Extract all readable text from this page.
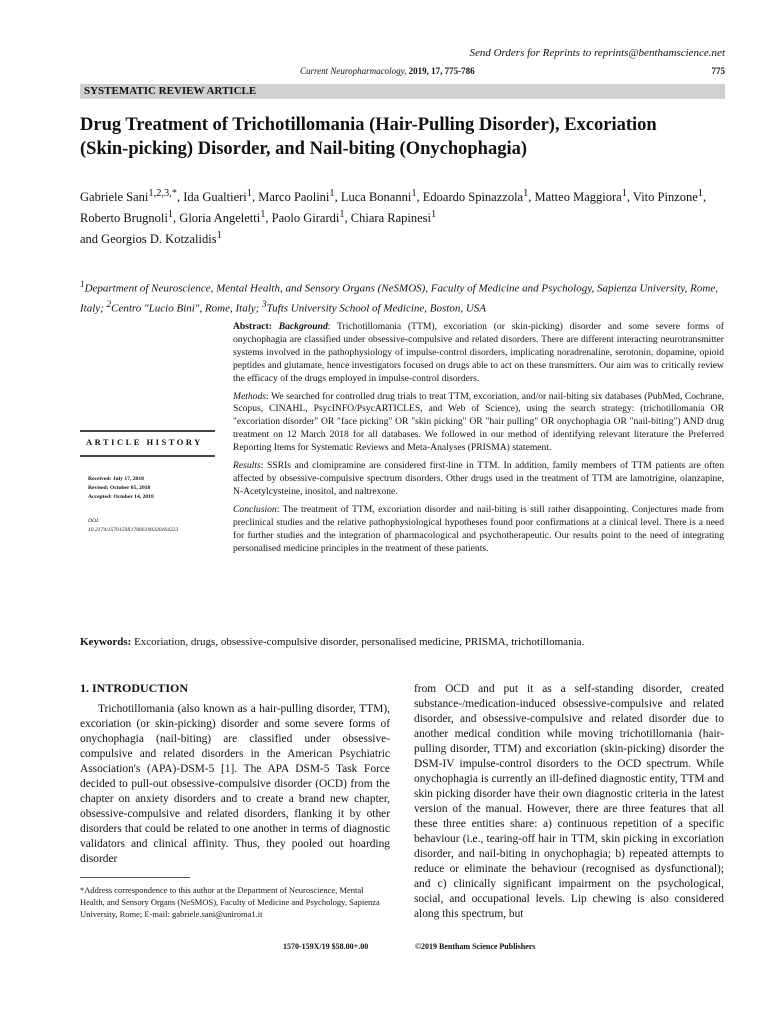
Send Orders for Reprints to reprints@benthamscience.net
Current Neuropharmacology, 2019, 17, 775-786	775
SYSTEMATIC REVIEW ARTICLE
Drug Treatment of Trichotillomania (Hair-Pulling Disorder), Excoriation
(Skin-picking) Disorder, and Nail-biting (Onychophagia)
Gabriele Sani$^{1,2,3,*}$, Ida Gualtieri$^1$, Marco Paolini$^1$, Luca Bonanni$^1$, Edoardo Spinazzola$^1$, Matteo Maggiora$^1$, Vito Pinzone$^1$, Roberto Brugnoli$^1$, Gloria Angeletti$^1$, Paolo Girardi$^1$, Chiara Rapinesi$^1$
and Georgios D. Kotzalidis$^1$
$^1$Department of Neuroscience, Mental Health, and Sensory Organs (NeSMOS), Faculty of Medicine and Psychology, Sapienza University, Rome, Italy; $^2$Centro "Lucio Bini", Rome, Italy; $^3$Tufts University School of Medicine, Boston, USA
ARTICLE HISTORY
Received: July 17, 2018
Revised: October 05, 2018
Accepted: October 14, 2018
DOI:
10.2174/1570159X17666190320164223

Abstract: Background: Trichotillomania (TTM), excoriation (or skin-picking) disorder and some severe forms of onychophagia are classified under obsessive-compulsive and related disorders. There are different interacting neurotransmitter systems involved in the pathophysiology of impulse-control disorders, implicating noradrenaline, serotonin, dopamine, opioid peptides and glutamate, hence investigators focused on drugs able to act on these transmitters. Our aim was to critically review the efficacy of the drugs employed in impulse-control disorders.

Methods: We searched for controlled drug trials to treat TTM, excoriation, and/or nail-biting six databases (PubMed, Cochrane, Scopus, CINAHL, PsycINFO/PsycARTICLES, and Web of Science), using the search strategy: (trichotillomania OR "excoriation disorder" OR "face picking" OR "skin picking" OR "hair pulling" OR onychophagia OR "nail-biting") AND drug treatment on 12 March 2018 for all databases. We followed in our method of identifying relevant literature the Preferred Reporting Items for Systematic Reviews and Meta-Analyses (PRISMA) statement.

Results: SSRIs and clomipramine are considered first-line in TTM. In addition, family members of TTM patients are often affected by obsessive-compulsive spectrum disorders. Other drugs used in the treatment of TTM are lamotrigine, olanzapine, N-Acetylcysteine, inositol, and naltrexone.

Conclusion: The treatment of TTM, excoriation disorder and nail-biting is still rather disappointing. Conjectures made from preclinical studies and the relative pathophysiological hypotheses found poor confirmations at a clinical level. There is a need for further studies and the integration of pharmacological and psychotherapeutic. Our results point to the need of integrating personalised medicine principles in the treatment of these patients.

Keywords: Excoriation, drugs, obsessive-compulsive disorder, personalised medicine, PRISMA, trichotillomania.
1. INTRODUCTION

Trichotillomania (also known as a hair-pulling disorder, TTM), excoriation (or skin-picking) disorder and some severe forms of onychophagia (nail-biting) are classified under obsessive-compulsive and related disorders in the American Psychiatric Association's (APA)-DSM-5 [1]. The APA DSM-5 Task Force decided to pull-out obsessive-compulsive disorder (OCD) from the chapter on anxiety disorders and to create a brand new chapter, obsessive-compulsive and related disorders, flanking it by other disorders that could be related to one another in terms of diagnostic validators and clinical affinity. Thus, they pooled out hoarding disorder

from OCD and put it as a self-standing disorder, created substance-/medication-induced obsessive-compulsive and related disorder, and obsessive-compulsive and related disorder due to another medical condition while moving trichotillomania (hair-pulling disorder, TTM) and excoriation (skin-picking) disorder the DSM-IV impulse-control disorders to the OCD spectrum. While onychophagia is currently an ill-defined diagnostic entity, TTM and skin picking disorder have their own diagnostic criteria in the latest version of the manual. However, there are three features that all these three entities share: a) continuous repetition of a specific behaviour (i.e., tearing-off hair in TTM, skin picking in excoriation disorder, and nail-biting in onychophagia; b) repeated attempts to reduce or eliminate the behaviour (recognised as dysfunctional); and c) clinically significant impairment on the psychological, social, and occupational levels. Lip chewing is also considered along this spectrum, but

*Address correspondence to this author at the Department of Neuroscience, Mental Health, and Sensory Organs (NeSMOS), Faculty of Medicine and Psychology, Sapienza University, Rome; E-mail: gabriele.sani@uniroma1.it
1570-159X/19 $58.00+.00	©2019 Bentham Science Publishers
